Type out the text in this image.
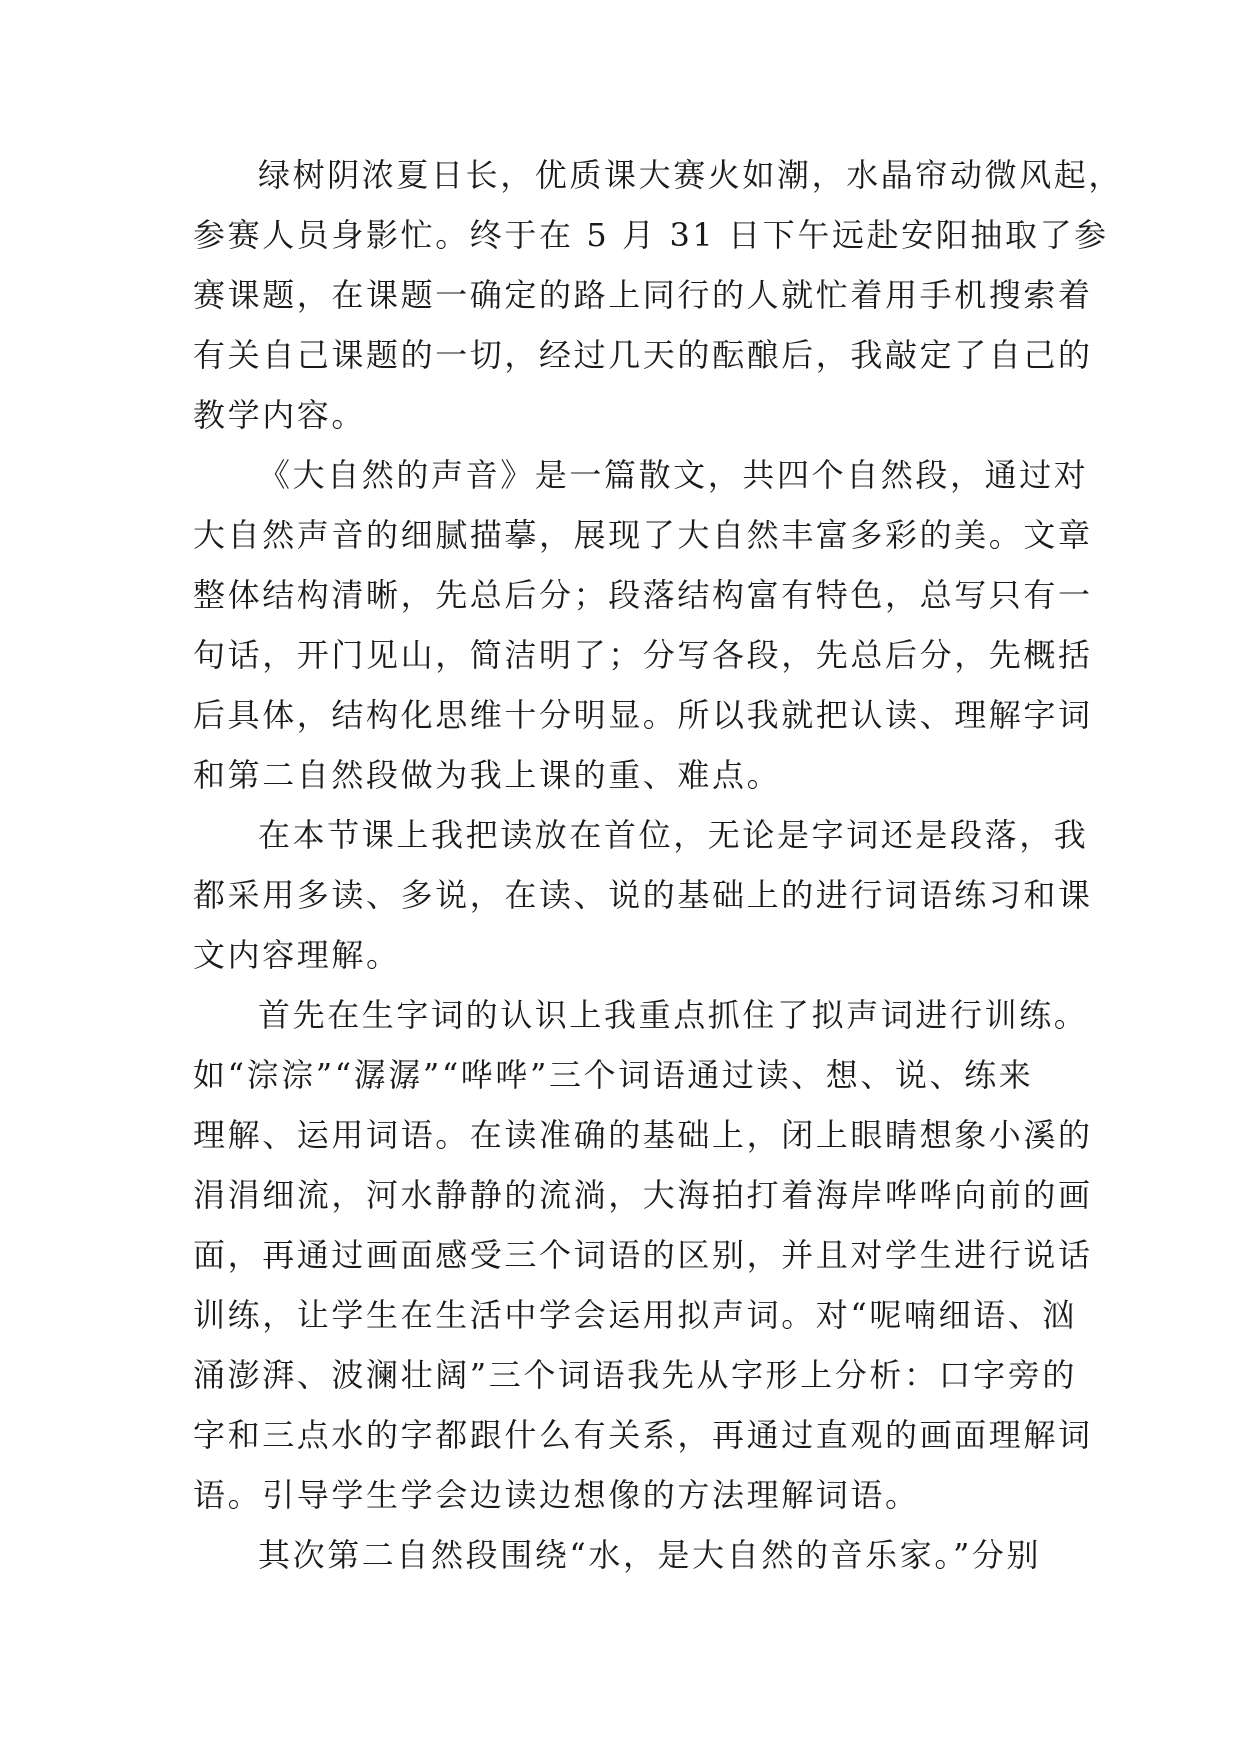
绿树阴浓夏日长，优质课大赛火如潮，水晶帘动微风起，
参赛人员身影忙。终于在 5 月 31 日下午远赴安阳抽取了参
赛课题，在课题一确定的路上同行的人就忙着用手机搜索着
有关自己课题的一切，经过几天的酝酿后，我敲定了自己的
教学内容。
《大自然的声音》是一篇散文，共四个自然段，通过对
大自然声音的细腻描摹，展现了大自然丰富多彩的美。文章
整体结构清晰，先总后分；段落结构富有特色，总写只有一
句话，开门见山，简洁明了；分写各段，先总后分，先概括
后具体，结构化思维十分明显。所以我就把认读、理解字词
和第二自然段做为我上课的重、难点。
在本节课上我把读放在首位，无论是字词还是段落，我
都采用多读、多说，在读、说的基础上的进行词语练习和课
文内容理解。
首先在生字词的认识上我重点抓住了拟声词进行训练。
如“淙淙”“潺潺”“哗哗”三个词语通过读、想、说、练来
理解、运用词语。在读准确的基础上，闭上眼睛想象小溪的
涓涓细流，河水静静的流淌，大海拍打着海岸哗哗向前的画
面，再通过画面感受三个词语的区别，并且对学生进行说话
训练，让学生在生活中学会运用拟声词。对“呢喃细语、汹
涌澎湃、波澜壮阔”三个词语我先从字形上分析：口字旁的
字和三点水的字都跟什么有关系，再通过直观的画面理解词
语。引导学生学会边读边想像的方法理解词语。
其次第二自然段围绕“水，是大自然的音乐家。”分别
